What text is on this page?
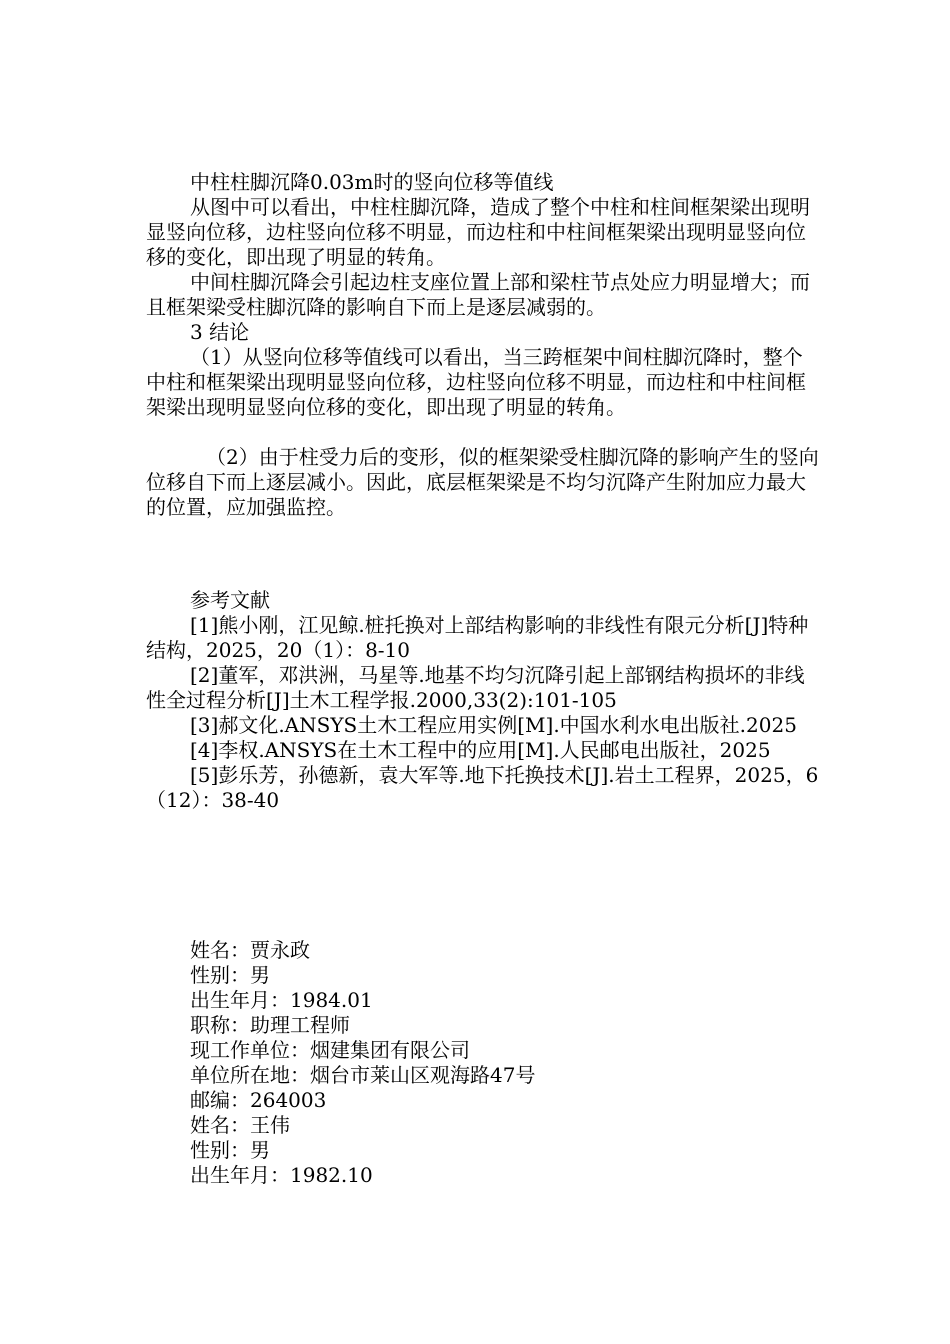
中柱柱脚沉降0.03m时的竖向位移等值线

从图中可以看出，中柱柱脚沉降，造成了整个中柱和柱间框架梁出现明显竖向位移，边柱竖向位移不明显，而边柱和中柱间框架梁出现明显竖向位移的变化，即出现了明显的转角。

中间柱脚沉降会引起边柱支座位置上部和梁柱节点处应力明显增大；而且框架梁受柱脚沉降的影响自下而上是逐层减弱的。

3 结论

（1）从竖向位移等值线可以看出，当三跨框架中间柱脚沉降时，整个中柱和框架梁出现明显竖向位移，边柱竖向位移不明显，而边柱和中柱间框架梁出现明显竖向位移的变化，即出现了明显的转角。

（2）由于柱受力后的变形，似的框架梁受柱脚沉降的影响产生的竖向位移自下而上逐层减小。因此，底层框架梁是不均匀沉降产生附加应力最大的位置，应加强监控。

参考文献

[1]熊小刚，江见鲸.桩托换对上部结构影响的非线性有限元分析[J]特种结构，2025，20（1）：8-10

[2]董军，邓洪洲，马星等.地基不均匀沉降引起上部钢结构损坏的非线性全过程分析[J]土木工程学报.2000,33(2):101-105

[3]郝文化.ANSYS土木工程应用实例[M].中国水利水电出版社.2025

[4]李权.ANSYS在土木工程中的应用[M].人民邮电出版社，2025

[5]彭乐芳，孙德新，袁大军等.地下托换技术[J].岩土工程界，2025，6（12）：38-40

姓名：贾永政

性别：男

出生年月：1984.01

职称：助理工程师

现工作单位：烟建集团有限公司

单位所在地：烟台市莱山区观海路47号

邮编：264003

姓名：王伟

性别：男

出生年月：1982.10
